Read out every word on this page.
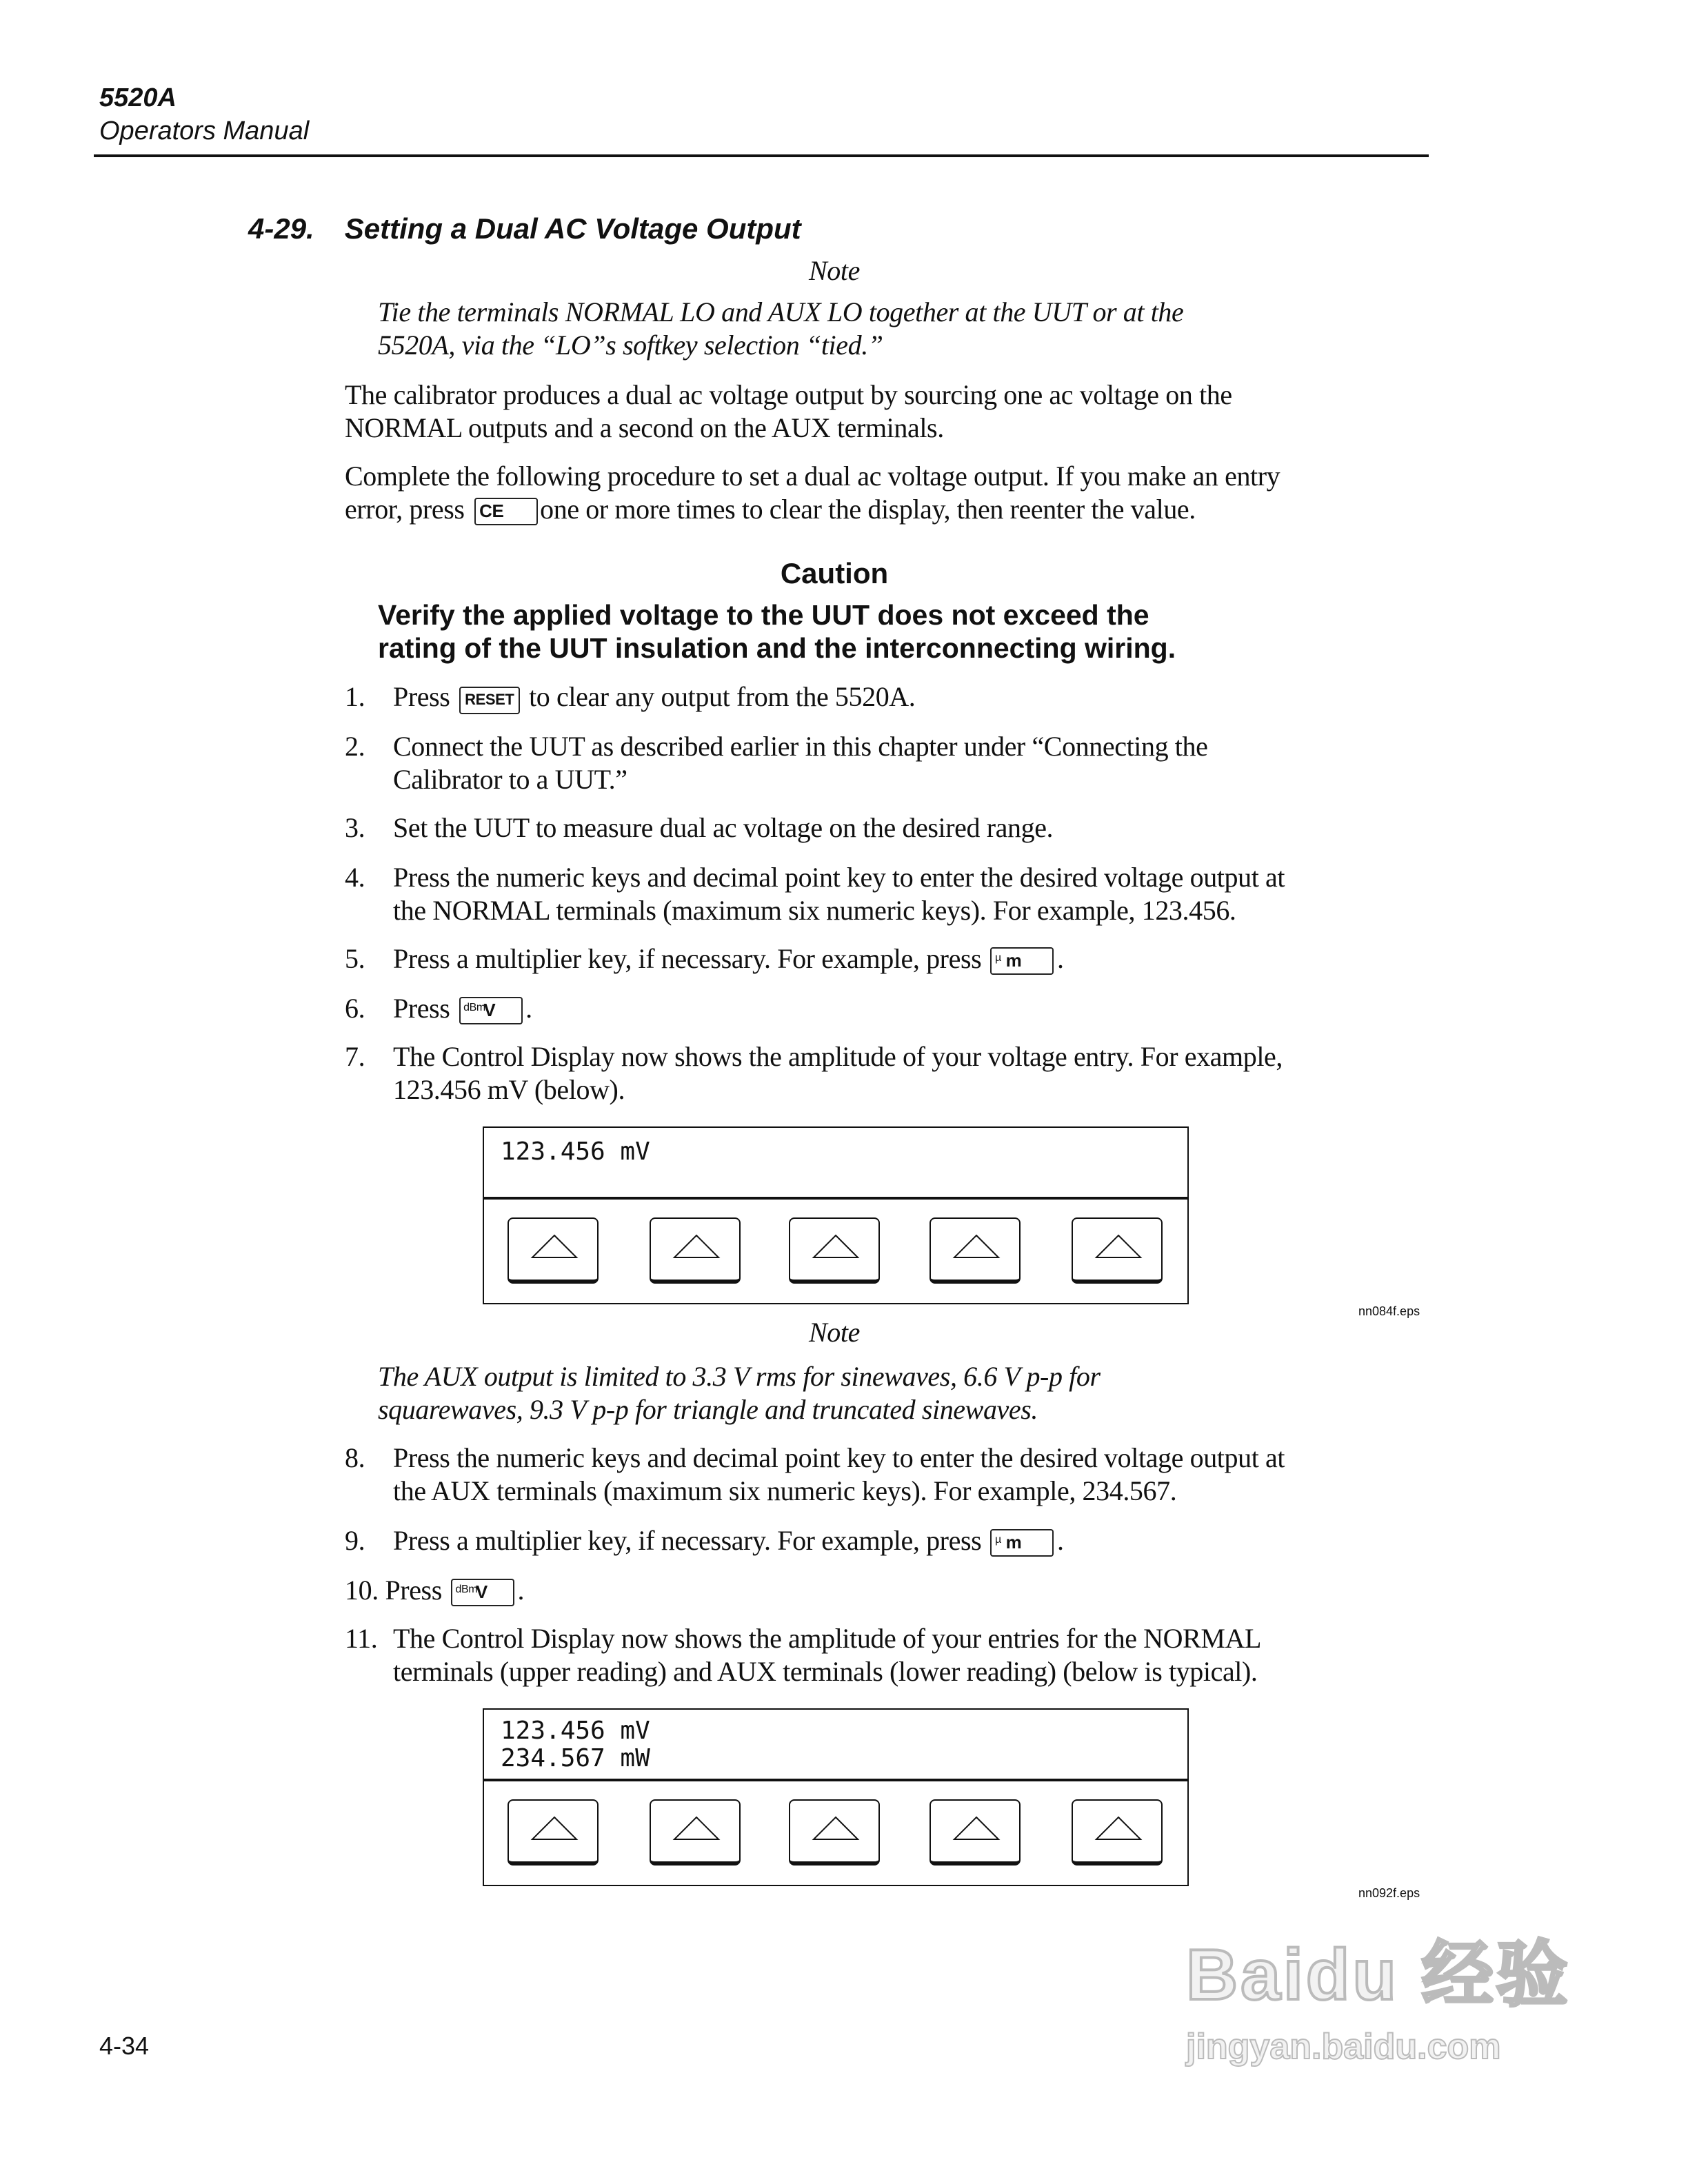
5520A
Operators Manual
4-29. Setting a Dual AC Voltage Output
Note
Tie the terminals NORMAL LO and AUX LO together at the UUT or at the
5520A, via the “LO”s softkey selection “tied.”
The calibrator produces a dual ac voltage output by sourcing one ac voltage on the
NORMAL outputs and a second on the AUX terminals.
Complete the following procedure to set a dual ac voltage output. If you make an entry
error, press CE	one or more times to clear the display, then reenter the value.
Caution
Verify the applied voltage to the UUT does not exceed the
rating of the UUT insulation and the interconnecting wiring.
1. Press RESET to clear any output from the 5520A.
2. Connect the UUT as described earlier in this chapter under “Connecting the
Calibrator to a UUT.”
3. Set the UUT to measure dual ac voltage on the desired range.
4. Press the numeric keys and decimal point key to enter the desired voltage output at
the NORMAL terminals (maximum six numeric keys). For example, 123.456.
5. Press a multiplier key, if necessary. For example, press µ m	.
6. Press dBm
V .
7. The Control Display now shows the amplitude of your voltage entry. For example,
123.456 mV (below).
123.456 mV
nn084f.eps
Note
The AUX output is limited to 3.3 V rms for sinewaves, 6.6 V p-p for
squarewaves, 9.3 V p-p for triangle and truncated sinewaves.
8. Press the numeric keys and decimal point key to enter the desired voltage output at
the AUX terminals (maximum six numeric keys). For example, 234.567.
9. Press a multiplier key, if necessary. For example, press µ m	.
10. Press dBm
V .
11. The Control Display now shows the amplitude of your entries for the NORMAL
terminals (upper reading) and AUX terminals (lower reading) (below is typical).
123.456 mV
234.567 mW
nn092f.eps
4-34
Baidu 经验
jingyan.baidu.com
